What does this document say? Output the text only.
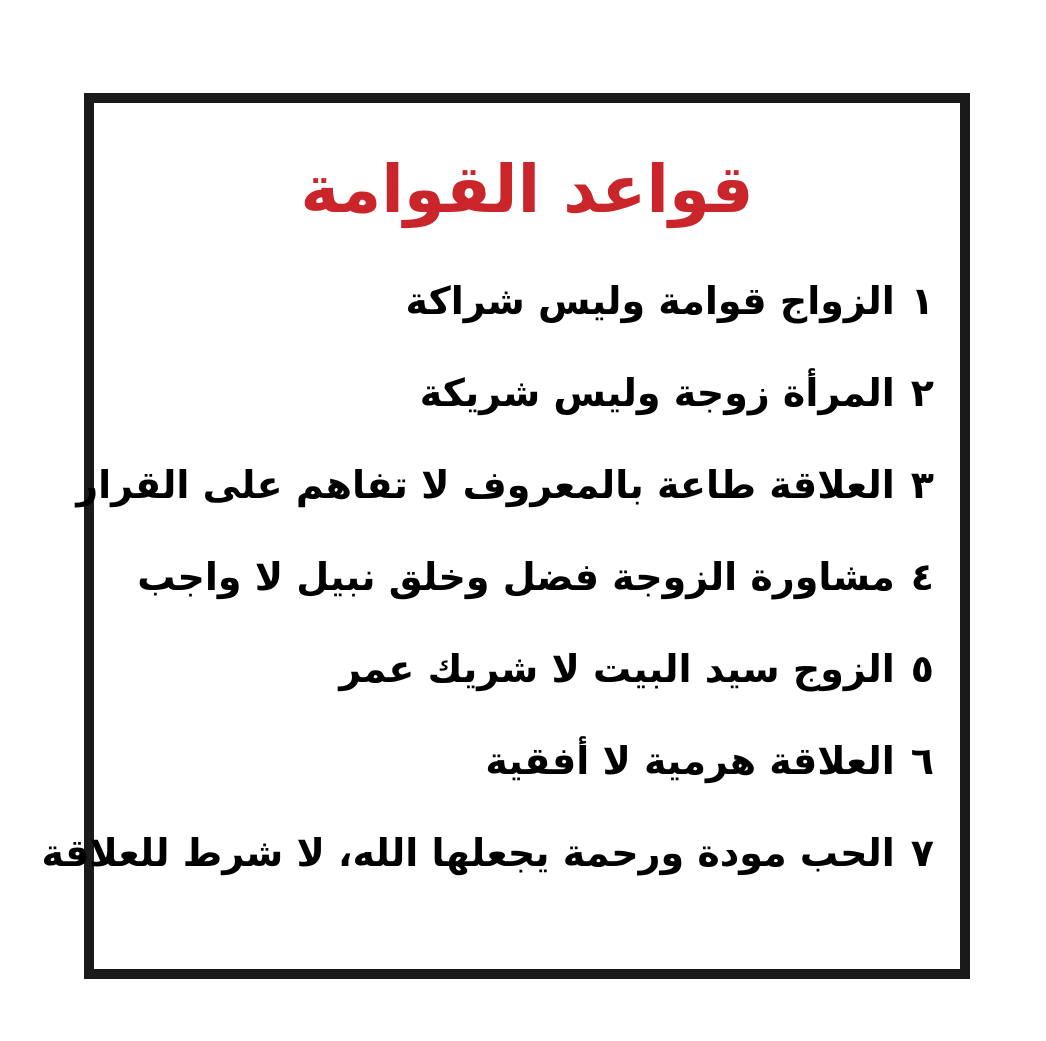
قواعد القوامة
١الزواج قوامة وليس شراكة
٢المرأة زوجة وليس شريكة
٣العلاقة طاعة بالمعروف لا تفاهم على القرار
٤مشاورة الزوجة فضل وخلق نبيل لا واجب
٥الزوج سيد البيت لا شريك عمر
٦العلاقة هرمية لا أفقية
٧الحب مودة ورحمة يجعلها الله، لا شرط للعلاقة
